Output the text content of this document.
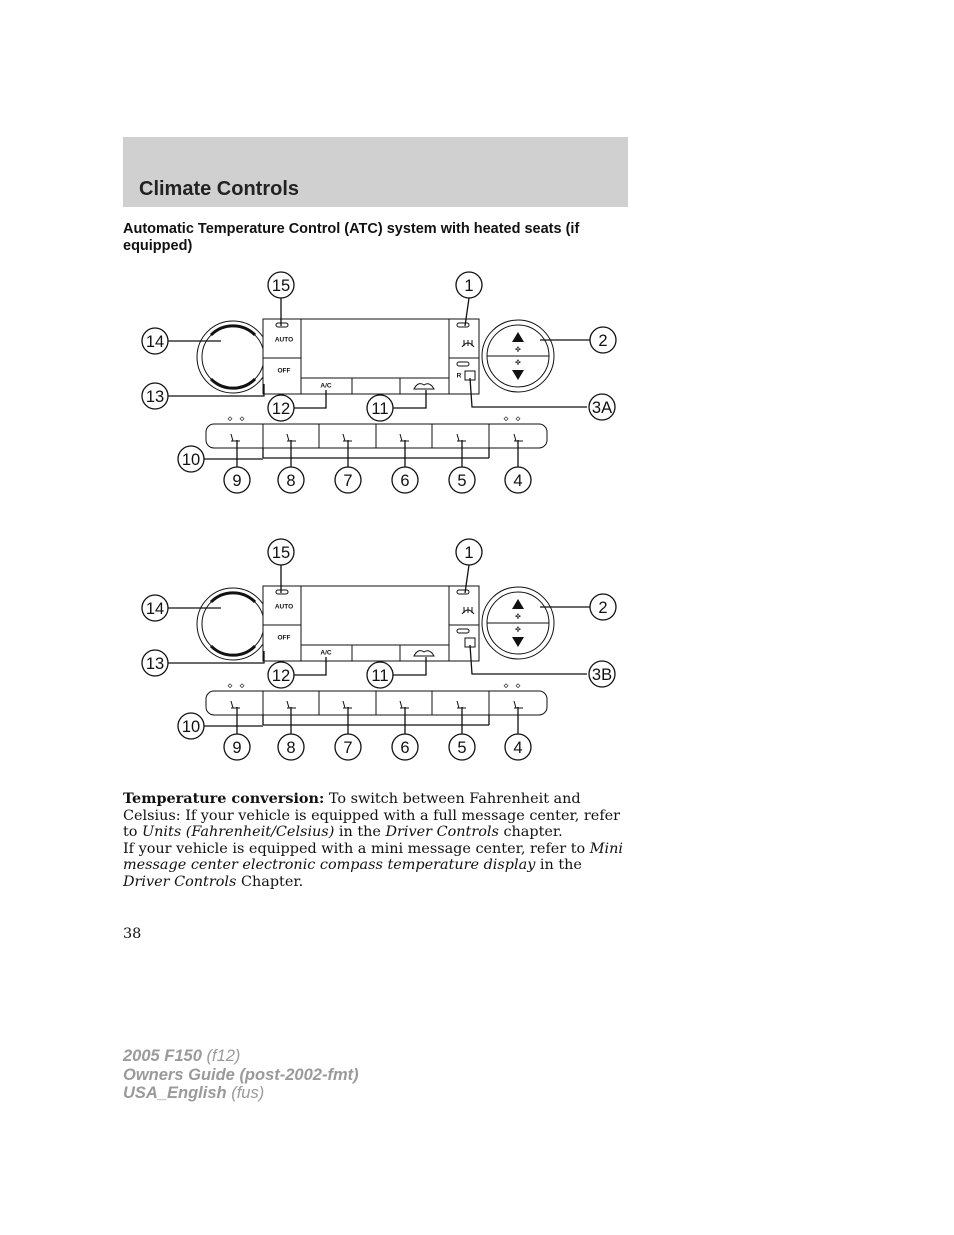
Climate Controls
Automatic Temperature Control (ATC) system with heated seats (if equipped)
AUTO
OFF
A/C
R
✣
✣
⬦ ⬦	⬦ ⬦
15	1
14	2
13
3A
12	11
10
9	8	7	6	5	4
AUTO
OFF
A/C
✣
✣
⬦ ⬦	⬦ ⬦
15	1
14	2
13
3B
12	11
10
9	8	7	6	5	4

Temperature conversion: To switch between Fahrenheit and Celsius: If your vehicle is equipped with a full message center, refer to Units (Fahrenheit/Celsius) in the Driver Controls chapter.

If your vehicle is equipped with a mini message center, refer to Mini message center electronic compass temperature display in the Driver Controls Chapter.

38
2005 F150 (f12)
Owners Guide (post-2002-fmt)
USA_English (fus)
